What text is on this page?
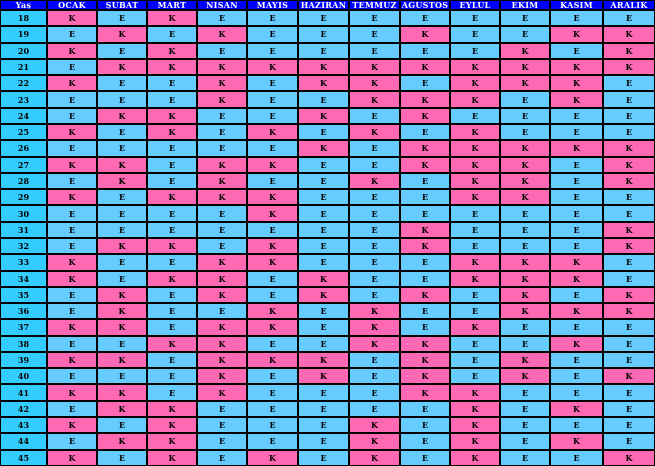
Yaş	OCAK	ŞUBAT	MART	NİSAN	MAYIS	HAZİRAN	TEMMUZ	AĞUSTOS	EYLÜL	EKİM	KASIM	ARALIK
18	K	E	K	E	E	E	E	E	E	E	E	E
19	E	K	E	K	E	E	E	K	E	E	K	K
20	K	E	K	E	E	E	E	E	E	K	E	K
21	E	K	K	K	K	K	K	K	K	K	K	K
22	K	E	E	K	E	K	K	E	K	K	K	E
23	E	E	E	K	E	E	K	K	K	E	K	E
24	E	K	K	E	E	K	E	K	E	E	E	E
25	K	E	K	E	K	E	K	E	K	E	E	E
26	E	E	E	E	E	K	E	K	K	K	K	K
27	K	K	E	K	K	E	E	K	K	K	E	K
28	E	K	E	K	E	E	K	E	K	K	E	K
29	K	E	K	K	K	E	E	E	K	K	E	E
30	E	E	E	E	K	E	E	E	E	E	E	E
31	E	E	E	E	E	E	E	K	E	E	E	K
32	E	K	K	E	K	E	E	K	E	E	E	K
33	K	E	E	K	K	E	E	E	K	K	K	E
34	K	E	K	K	E	K	E	E	K	K	K	E
35	E	K	E	K	E	K	E	K	E	K	E	K
36	E	K	E	E	K	E	K	E	E	K	K	K
37	K	K	E	K	K	E	K	E	K	E	E	E
38	E	E	K	K	E	E	K	K	E	E	K	E
39	K	K	E	K	K	K	E	K	E	K	E	E
40	E	E	E	K	E	K	E	K	E	K	E	K
41	K	K	E	K	E	E	E	K	K	E	E	E
42	E	K	K	E	E	E	E	E	K	E	K	E
43	K	E	K	E	E	E	K	E	K	E	E	E
44	E	K	K	E	E	E	K	E	K	E	K	E
45	K	E	K	E	K	E	K	E	K	E	E	K
